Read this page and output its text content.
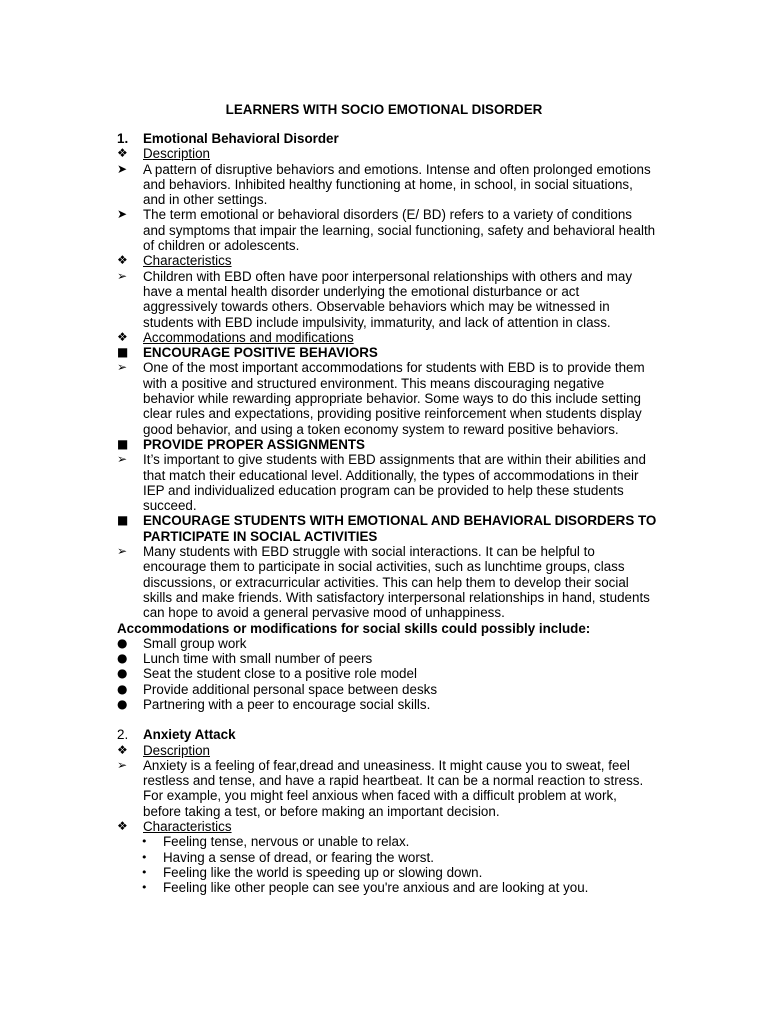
LEARNERS WITH SOCIO EMOTIONAL DISORDER
1.	Emotional Behavioral Disorder
❖	Description
➤	A pattern of disruptive behaviors and emotions. Intense and often prolonged emotions and behaviors. Inhibited healthy functioning at home, in school, in social situations, and in other settings.
➤	The term emotional or behavioral disorders (E/ BD) refers to a variety of conditions and symptoms that impair the learning, social functioning, safety and behavioral health of children or adolescents.
❖	Characteristics
➢	Children with EBD often have poor interpersonal relationships with others and may have a mental health disorder underlying the emotional disturbance or act aggressively towards others. Observable behaviors which may be witnessed in students with EBD include impulsivity, immaturity, and lack of attention in class.
❖	Accommodations and modifications
■	ENCOURAGE POSITIVE BEHAVIORS
➢	One of the most important accommodations for students with EBD is to provide them with a positive and structured environment. This means discouraging negative behavior while rewarding appropriate behavior. Some ways to do this include setting clear rules and expectations, providing positive reinforcement when students display good behavior, and using a token economy system to reward positive behaviors.
■	PROVIDE PROPER ASSIGNMENTS
➢	It’s important to give students with EBD assignments that are within their abilities and that match their educational level. Additionally, the types of accommodations in their IEP and individualized education program can be provided to help these students succeed.
■	ENCOURAGE STUDENTS WITH EMOTIONAL AND BEHAVIORAL DISORDERS TO PARTICIPATE IN SOCIAL ACTIVITIES
➢	Many students with EBD struggle with social interactions. It can be helpful to encourage them to participate in social activities, such as lunchtime groups, class discussions, or extracurricular activities. This can help them to develop their social skills and make friends. With satisfactory interpersonal relationships in hand, students can hope to avoid a general pervasive mood of unhappiness.
Accommodations or modifications for social skills could possibly include:
●	Small group work
●	Lunch time with small number of peers
●	Seat the student close to a positive role model
●	Provide additional personal space between desks
●	Partnering with a peer to encourage social skills.
2.	Anxiety Attack
❖	Description
➢	Anxiety is a feeling of fear,dread and uneasiness. It might cause you to sweat, feel restless and tense, and have a rapid heartbeat. It can be a normal reaction to stress. For example, you might feel anxious when faced with a difficult problem at work, before taking a test, or before making an important decision.
❖	Characteristics
•	Feeling tense, nervous or unable to relax.
•	Having a sense of dread, or fearing the worst.
•	Feeling like the world is speeding up or slowing down.
•	Feeling like other people can see you're anxious and are looking at you.
